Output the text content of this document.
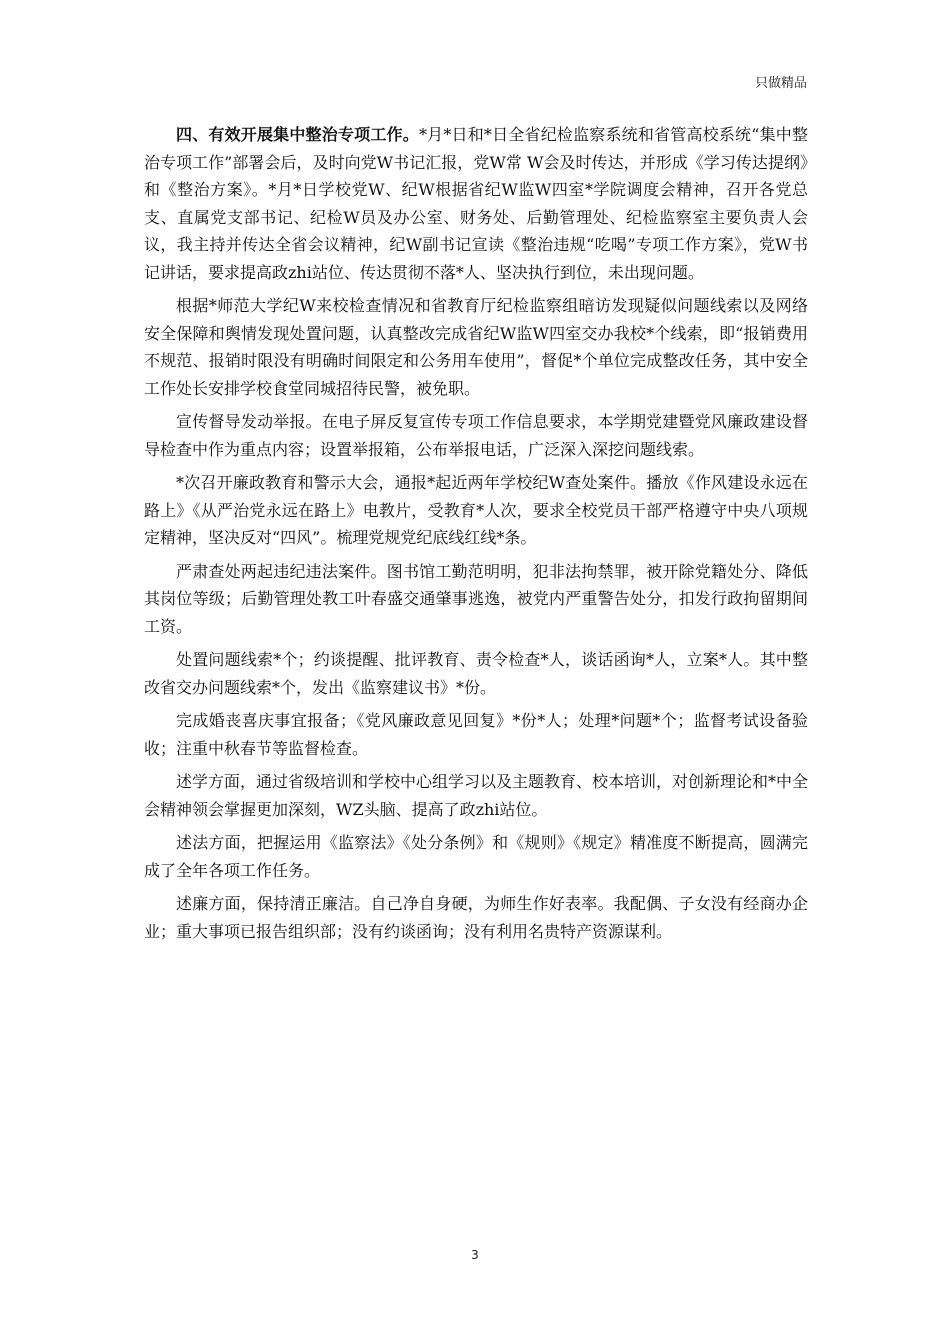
只做精品

四、有效开展集中整治专项工作。*月*日和*日全省纪检监察系统和省管高校系统“集中整治专项工作”部署会后，及时向党W书记汇报，党W常 W会及时传达，并形成《学习传达提纲》和《整治方案》。*月*日学校党W、纪W根据省纪W监W四室*学院调度会精神，召开各党总支、直属党支部书记、纪检W员及办公室、财务处、后勤管理处、纪检监察室主要负责人会议，我主持并传达全省会议精神，纪W副书记宣读《整治违规“吃喝”专项工作方案》，党W书记讲话，要求提高政zhi站位、传达贯彻不落*人、坚决执行到位，未出现问题。

根据*师范大学纪W来校检查情况和省教育厅纪检监察组暗访发现疑似问题线索以及网络安全保障和舆情发现处置问题，认真整改完成省纪W监W四室交办我校*个线索，即“报销费用不规范、报销时限没有明确时间限定和公务用车使用”，督促*个单位完成整改任务，其中安全工作处长安排学校食堂同城招待民警，被免职。

宣传督导发动举报。在电子屏反复宣传专项工作信息要求，本学期党建暨党风廉政建设督导检查中作为重点内容；设置举报箱，公布举报电话，广泛深入深挖问题线索。

*次召开廉政教育和警示大会，通报*起近两年学校纪W查处案件。播放《作风建设永远在路上》《从严治党永远在路上》电教片，受教育*人次，要求全校党员干部严格遵守中央八项规定精神，坚决反对“四风”。梳理党规党纪底线红线*条。

严肃查处两起违纪违法案件。图书馆工勤范明明，犯非法拘禁罪，被开除党籍处分、降低其岗位等级；后勤管理处教工叶春盛交通肇事逃逸，被党内严重警告处分，扣发行政拘留期间工资。

处置问题线索*个；约谈提醒、批评教育、责令检查*人，谈话函询*人，立案*人。其中整改省交办问题线索*个，发出《监察建议书》*份。

完成婚丧喜庆事宜报备；《党风廉政意见回复》*份*人；处理*问题*个；监督考试设备验收；注重中秋春节等监督检查。

述学方面，通过省级培训和学校中心组学习以及主题教育、校本培训，对创新理论和*中全会精神领会掌握更加深刻，WZ头脑、提高了政zhi站位。

述法方面，把握运用《监察法》《处分条例》和《规则》《规定》精准度不断提高，圆满完成了全年各项工作任务。

述廉方面，保持清正廉洁。自己净自身硬，为师生作好表率。我配偶、子女没有经商办企业；重大事项已报告组织部；没有约谈函询；没有利用名贵特产资源谋利。

3
